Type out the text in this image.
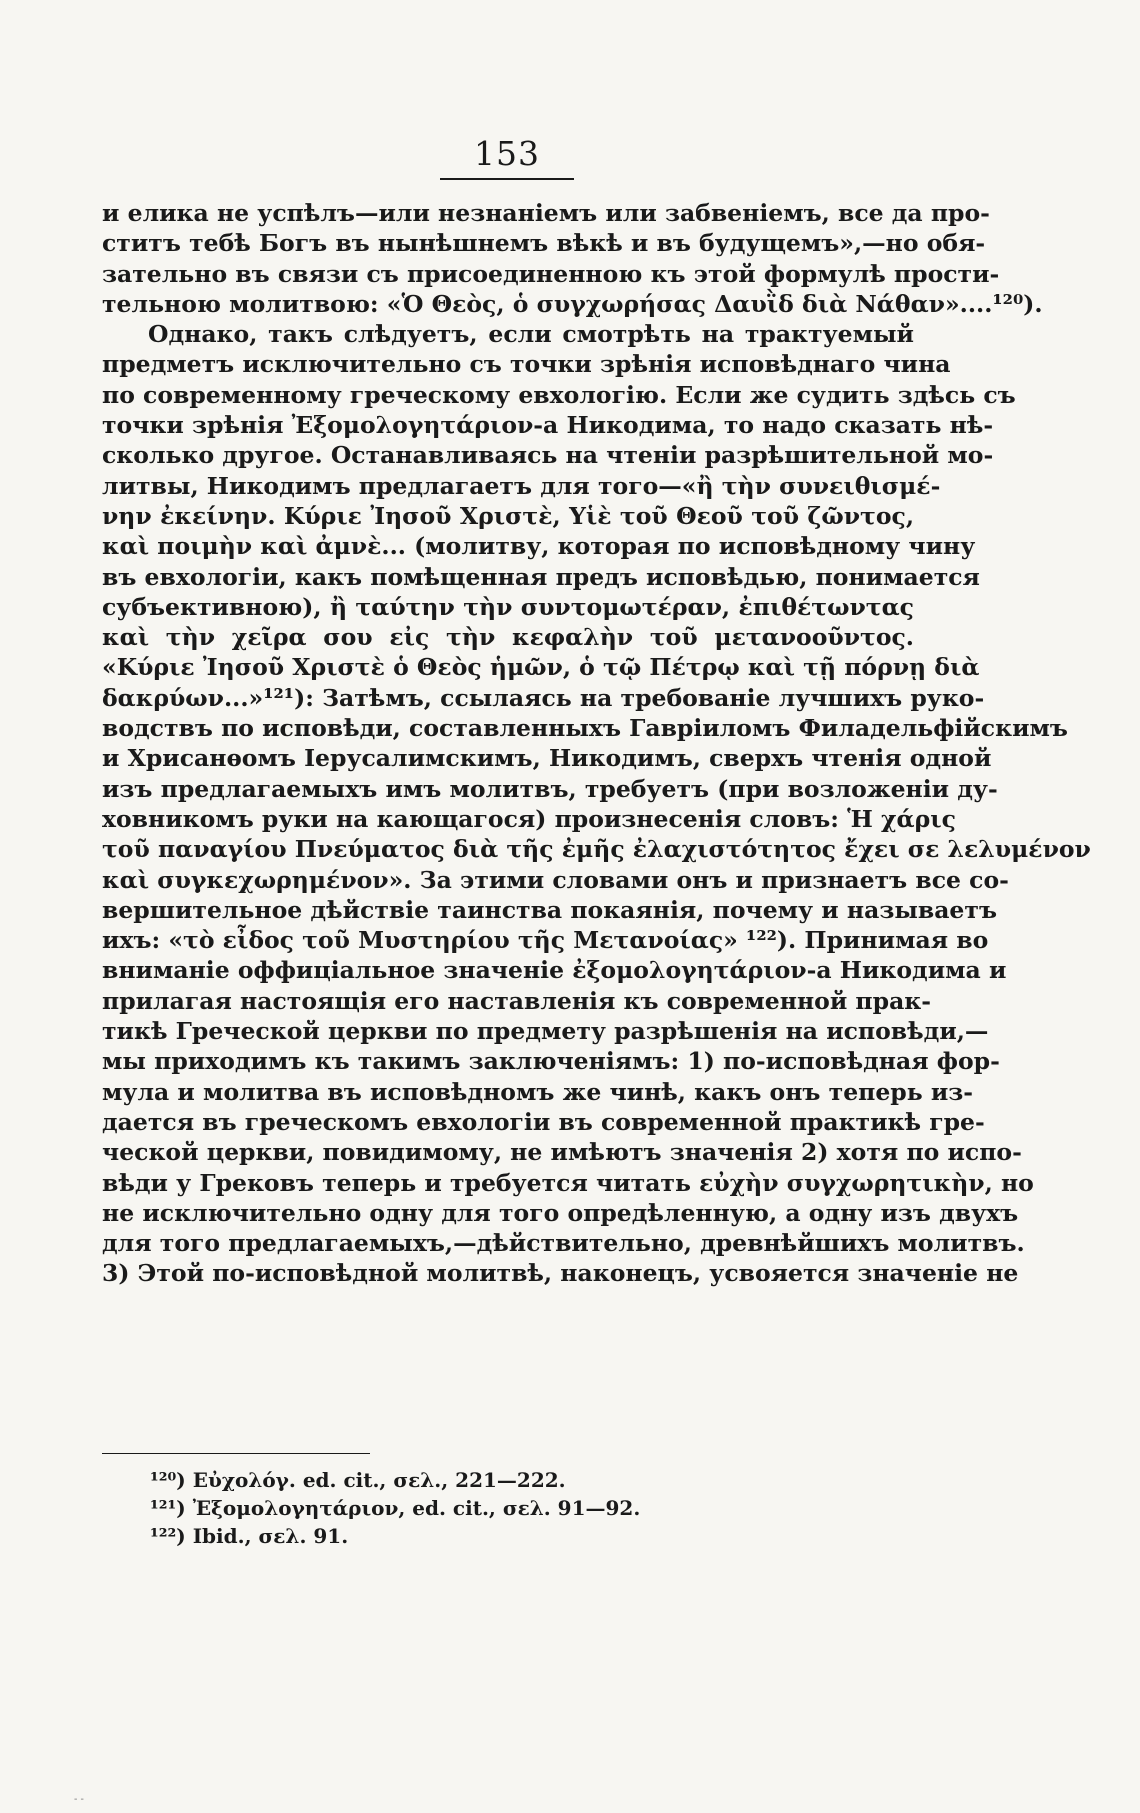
153
и елика не успѣлъ—или незнаніемъ или забвеніемъ, все да про-
ститъ тебѣ Богъ въ нынѣшнемъ вѣкѣ и въ будущемъ»,—но обя-
зательно въ связи съ присоединенною къ этой формулѣ прости-
тельною молитвою: «Ὁ Θεὸς, ὁ συγχωρήσας Δαυῒδ διὰ Νάθαν»....¹²⁰).
Однако, такъ слѣдуетъ, если смотрѣть на трактуемый
предметъ исключительно съ точки зрѣнія исповѣднаго чина
по современному греческому евхологію. Если же судить здѣсь съ
точки зрѣнія Ἐξομολογητάριον-а Никодима, то надо сказать нѣ-
сколько другое. Останавливаясь на чтеніи разрѣшительной мо-
литвы, Никодимъ предлагаетъ для того—«ἢ τὴν συνειθισμέ-
νην ἐκείνην. Κύριε Ἰησοῦ Χριστὲ, Υἱὲ τοῦ Θεοῦ τοῦ ζῶντος,
καὶ ποιμὴν καὶ ἀμνὲ... (молитву, которая по исповѣдному чину
въ евхологіи, какъ помѣщенная предъ исповѣдью, понимается
субъективною), ἢ ταύτην τὴν συντομωτέραν, ἐπιθέτωντας
καὶ τὴν χεῖρα σου εἰς τὴν κεφαλὴν τοῦ μετανοοῦντος.
«Κύριε Ἰησοῦ Χριστὲ ὁ Θεὸς ἡμῶν, ὁ τῷ Πέτρῳ καὶ τῇ πόρνῃ διὰ
δακρύων...»¹²¹): Затѣмъ, ссылаясь на требованіе лучшихъ руко-
водствъ по исповѣди, составленныхъ Гавріиломъ Филадельфійскимъ
и Хрисанѳомъ Іерусалимскимъ, Никодимъ, сверхъ чтенія одной
изъ предлагаемыхъ имъ молитвъ, требуетъ (при возложеніи ду-
ховникомъ руки на кающагося) произнесенія словъ: Ἡ χάρις
τοῦ παναγίου Πνεύματος διὰ τῆς ἐμῆς ἐλαχιστότητος ἔχει σε λελυμένον
καὶ συγκεχωρημένον». За этими словами онъ и признаетъ все со-
вершительное дѣйствіе таинства покаянія, почему и называетъ
ихъ: «τὸ εἶδος τοῦ Μυστηρίου τῆς Μετανοίας» ¹²²). Принимая во
вниманіе оффиціальное значеніе ἐξομολογητάριον-а Никодима и
прилагая настоящія его наставленія къ современной прак-
тикѣ Греческой церкви по предмету разрѣшенія на исповѣди,—
мы приходимъ къ такимъ заключеніямъ: 1) по-исповѣдная фор-
мула и молитва въ исповѣдномъ же чинѣ, какъ онъ теперь из-
дается въ греческомъ евхологіи въ современной практикѣ гре-
ческой церкви, повидимому, не имѣютъ значенія 2) хотя по испо-
вѣди у Грековъ теперь и требуется читать εὐχὴν συγχωρητικὴν, но
не исключительно одну для того опредѣленную, а одну изъ двухъ
для того предлагаемыхъ,—дѣйствительно, древнѣйшихъ молитвъ.
3) Этой по-исповѣдной молитвѣ, наконецъ, усвояется значеніе не
¹²⁰) Εὐχολόγ. ed. cit., σελ., 221—222.
¹²¹) Ἐξομολογητάριον, ed. cit., σελ. 91—92.
¹²²) Ibid., σελ. 91.
- -
